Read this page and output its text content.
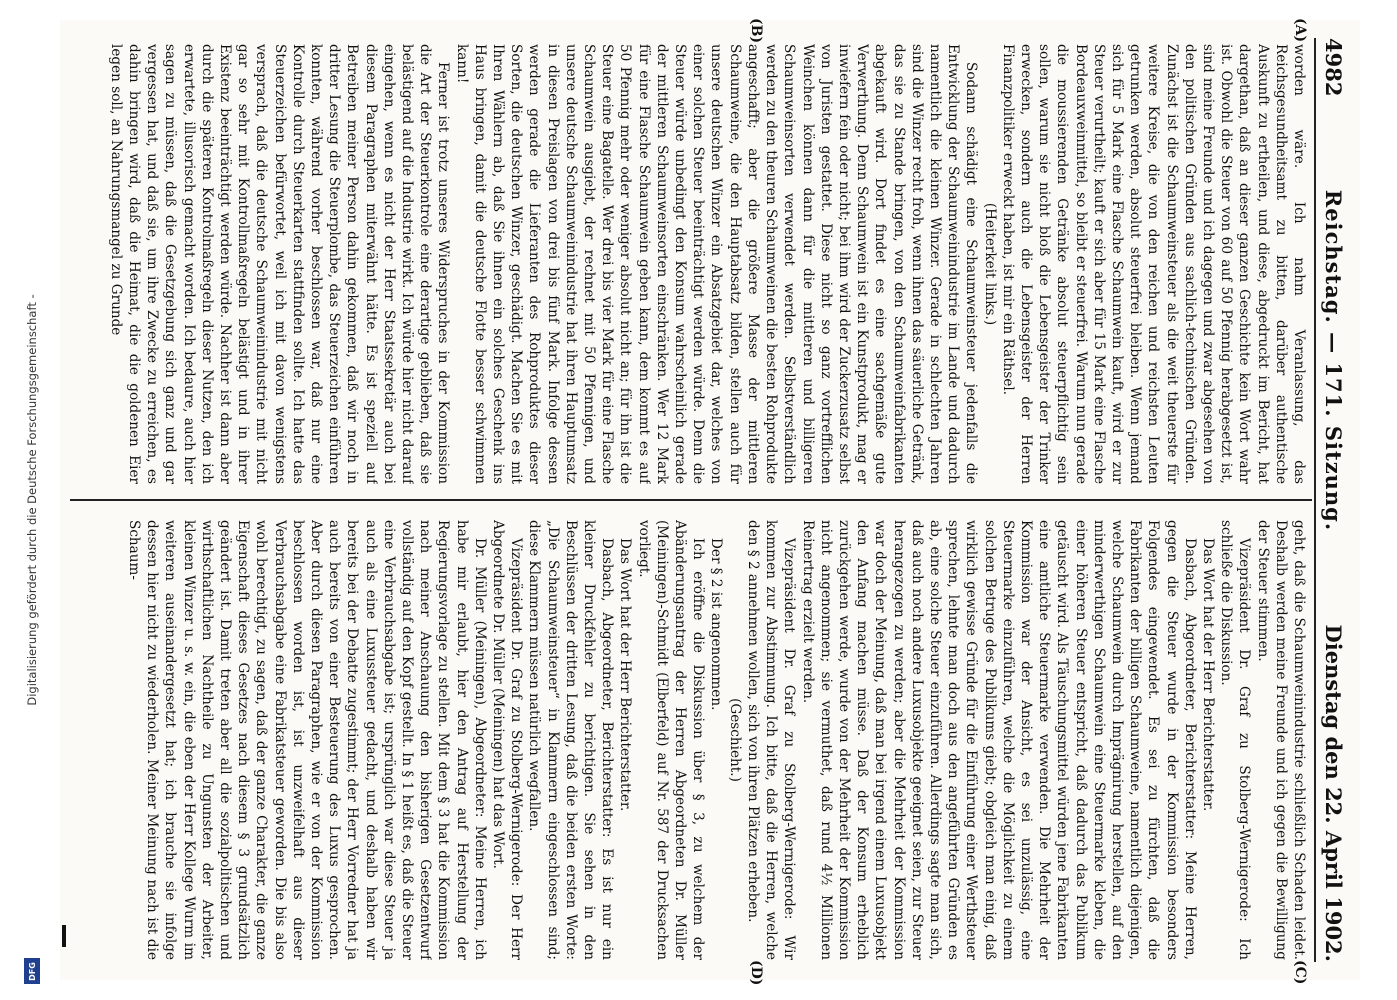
4982
Reichstag. — 171. Sitzung.
Dienstag den 22. April 1902.
(A)
(B)
(C)
(D)

worden wäre. Ich nahm Veranlassung, das Reichsgesundheitsamt zu bitten, darüber authentische Auskunft zu ertheilen, und diese, abgedruckt im Bericht, hat dargethan, daß an dieser ganzen Geschichte kein Wort wahr ist. Obwohl die Steuer von 60 auf 50 Pfennig herabgesetzt ist, sind meine Freunde und ich dagegen und zwar abgesehen von den politischen Gründen aus sachlich-technischen Gründen. Zunächst ist die Schaumweinsteuer als die weit theuerste für weitere Kreise, die von den reichen und reichsten Leuten getrunken werden, absolut steuerfrei bleiben. Wenn jemand sich für 5 Mark eine Flasche Schaumwein kauft, wird er zur Steuer verurtheilt; kauft er sich aber für 15 Mark eine Flasche Bordeauxweinmittel, so bleibt er steuerfrei. Warum nun gerade die moussierenden Getränke absolut steuerpflichtig sein sollen, warum sie nicht bloß die Lebensgeister der Trinker erwecken, sondern auch die Lebensgeister der Herren Finanzpolitiker erweckt haben, ist mir ein Räthsel.

(Heiterkeit links.)

Sodann schädigt eine Schaumweinsteuer jedenfalls die Entwicklung der Schaumweinindustrie im Lande und dadurch namentlich die kleinen Winzer. Gerade in schlechten Jahren sind die Winzer recht froh, wenn ihnen das säuerliche Getränk, das sie zu Stande bringen, von den Schaumweinfabrikanten abgekauft wird. Dort findet es eine sachgemäße gute Verwerthung. Denn Schaumwein ist ein Kunstprodukt, mag er inwiefern fein oder nicht; bei ihm wird der Zuckerzusatz selbst von Juristen gestattet. Diese nicht so ganz vortrefflichen Weinchen können dann für die mittleren und billigeren Schaumweinsorten verwendet werden. Selbstverständlich werden zu den theuren Schaumweinen die besten Rohprodukte angeschafft; aber die größere Masse der mittleren Schaumweine, die den Hauptabsatz bilden, stellen auch für unsere deutschen Winzer ein Absatzgebiet dar, welches von einer solchen Steuer beeinträchtigt werden würde. Denn die Steuer würde unbedingt den Konsum wahrscheinlich gerade der mittleren Schaumweinsorten einschränken. Wer 12 Mark für eine Flasche Schaumwein geben kann, dem kommt es auf 50 Pfennig mehr oder weniger absolut nicht an; für ihn ist die Steuer eine Bagatelle. Wer drei bis vier Mark für eine Flasche Schaumwein ausgiebt, der rechnet mit 50 Pfennigen, und unsere deutsche Schaumweinindustrie hat ihren Hauptumsatz in diesen Preislagen von drei bis fünf Mark. Infolge dessen werden gerade die Lieferanten des Rohproduktes dieser Sorten, die deutschen Winzer, geschädigt. Machen Sie es mit Ihren Wählern ab, daß Sie ihnen ein solches Geschenk ins Haus bringen, damit die deutsche Flotte besser schwimmen kann!

Ferner ist trotz unseres Widerspruches in der Kommission die Art der Steuerkontrole eine derartige geblieben, daß sie belästigend auf die Industrie wirkt. Ich würde hier nicht darauf eingehen, wenn es nicht der Herr Staatssekretär auch bei diesem Paragraphen miterwähnt hätte. Es ist speziell auf Betreiben meiner Person dahin gekommen, daß wir noch in dritter Lesung die Steuerplombe, das Steuerzeichen einführen konnten, während vorher beschlossen war, daß nur eine Kontrolle durch Steuerkarten stattfinden sollte. Ich hatte das Steuerzeichen befürwortet, weil ich mit davon wenigstens versprach, daß die deutsche Schaumweinindustrie mit nicht gar so sehr mit Kontrollmaßregeln belästigt und in ihrer Existenz beeinträchtigt werden würde. Nachher ist dann aber durch die späteren Kontrolmaßregeln dieser Nutzen, den ich erwartete, illusorisch gemacht worden. Ich bedaure, auch hier sagen zu müssen, daß die Gesetzgebung sich ganz und gar vergessen hat, und daß sie, um ihre Zwecke zu erreichen, es dahin bringen wird, daß die Heimat, die die goldenen Eier legen soll, an Nahrungsmangel zu Grunde

geht, daß die Schaumweinindustrie schließlich Schaden leidet. Deshalb werden meine Freunde und ich gegen die Bewilligung der Steuer stimmen.

Vizepräsident Dr. Graf zu Stolberg-Wernigerode: Ich schließe die Diskussion.

Das Wort hat der Herr Berichterstatter.

Dasbach, Abgeordneter, Berichterstatter: Meine Herren, gegen die Steuer wurde in der Kommission besonders Folgendes eingewendet. Es sei zu fürchten, daß die Fabrikanten der billigen Schaumweine, namentlich diejenigen, welche Schaumwein durch Imprägnirung herstellen, auf den minderwerthigen Schaumwein eine Steuermarke kleben, die einer höheren Steuer entspricht, daß dadurch das Publikum getäuscht wird. Als Täuschungsmittel würden jene Fabrikanten eine amtliche Steuermarke verwenden. Die Mehrheit der Kommission war der Ansicht, es sei unzulässig, eine Steuermarke einzuführen, welche die Möglichkeit zu einem solchen Betruge des Publikums giebt; obgleich man einig, daß wirklich gewisse Gründe für die Einführung einer Werthsteuer sprechen, lehnte man doch aus den angeführten Gründen es ab, eine solche Steuer einzuführen. Allerdings sagte man sich, daß auch noch andere Luxusobjekte geeignet seien, zur Steuer herangezogen zu werden; aber die Mehrheit der Kommission war doch der Meinung, daß man bei irgend einem Luxusobjekt den Anfang machen müsse. Daß der Konsum erheblich zurückgehen werde, wurde von der Mehrheit der Kommission nicht angenommen; sie vermuthet, daß rund 4½ Millionen Reinertrag erzielt werden.

Vizepräsident Dr. Graf zu Stolberg-Wernigerode: Wir kommen zur Abstimmung. Ich bitte, daß die Herren, welche den § 2 annehmen wollen, sich von ihren Plätzen erheben.

(Geschieht.)

Der § 2 ist angenommen.

Ich eröffne die Diskussion über § 3, zu welchem der Abänderungsantrag der Herren Abgeordneten Dr. Müller (Meiningen)-Schmidt (Elberfeld) auf Nr. 587 der Drucksachen vorliegt.

Das Wort hat der Herr Berichterstatter.

Dasbach, Abgeordneter, Berichterstatter: Es ist nur ein kleiner Druckfehler zu berichtigen. Sie sehen in den Beschlüssen der dritten Lesung, daß die beiden ersten Worte: „Die Schaumweinsteuer“ in Klammern eingeschlossen sind; diese Klammern müssen natürlich wegfallen.

Vizepräsident Dr. Graf zu Stolberg-Wernigerode: Der Herr Abgeordnete Dr. Müller (Meiningen) hat das Wort.

Dr. Müller (Meiningen), Abgeordneter: Meine Herren, ich habe mir erlaubt, hier den Antrag auf Herstellung der Regierungsvorlage zu stellen. Mit dem § 3 hat die Kommission nach meiner Anschauung den bisherigen Gesetzentwurf vollständig auf den Kopf gestellt. In § 1 heißt es, daß die Steuer eine Verbrauchsabgabe ist; ursprünglich war diese Steuer ja auch als eine Luxussteuer gedacht, und deshalb haben wir bereits bei der Debatte zugestimmt; der Herr Vorredner hat ja auch bereits von einer Besteuerung des Luxus gesprochen. Aber durch diesen Paragraphen, wie er von der Kommission beschlossen worden ist, ist unzweifelhaft aus dieser Verbrauchsabgabe eine Fabrikatsteuer geworden. Die bis also wohl berechtigt, zu sagen, daß der ganze Charakter, die ganze Eigenschaft dieses Gesetzes nach diesem § 3 grundsätzlich geändert ist. Damit treten aber all die sozialpolitischen und wirthschaftlichen Nachtheile zu Ungunsten der Arbeiter, kleinen Winzer u. s. w. ein, die eben der Herr Kollege Wurm im weiteren auseinandergesetzt hat; ich brauche sie infolge dessen hier nicht zu wiederholen. Meiner Meinung nach ist die Schaum-

Digitalisierung gefördert durch die Deutsche Forschungsgemeinschaft -
DFG
